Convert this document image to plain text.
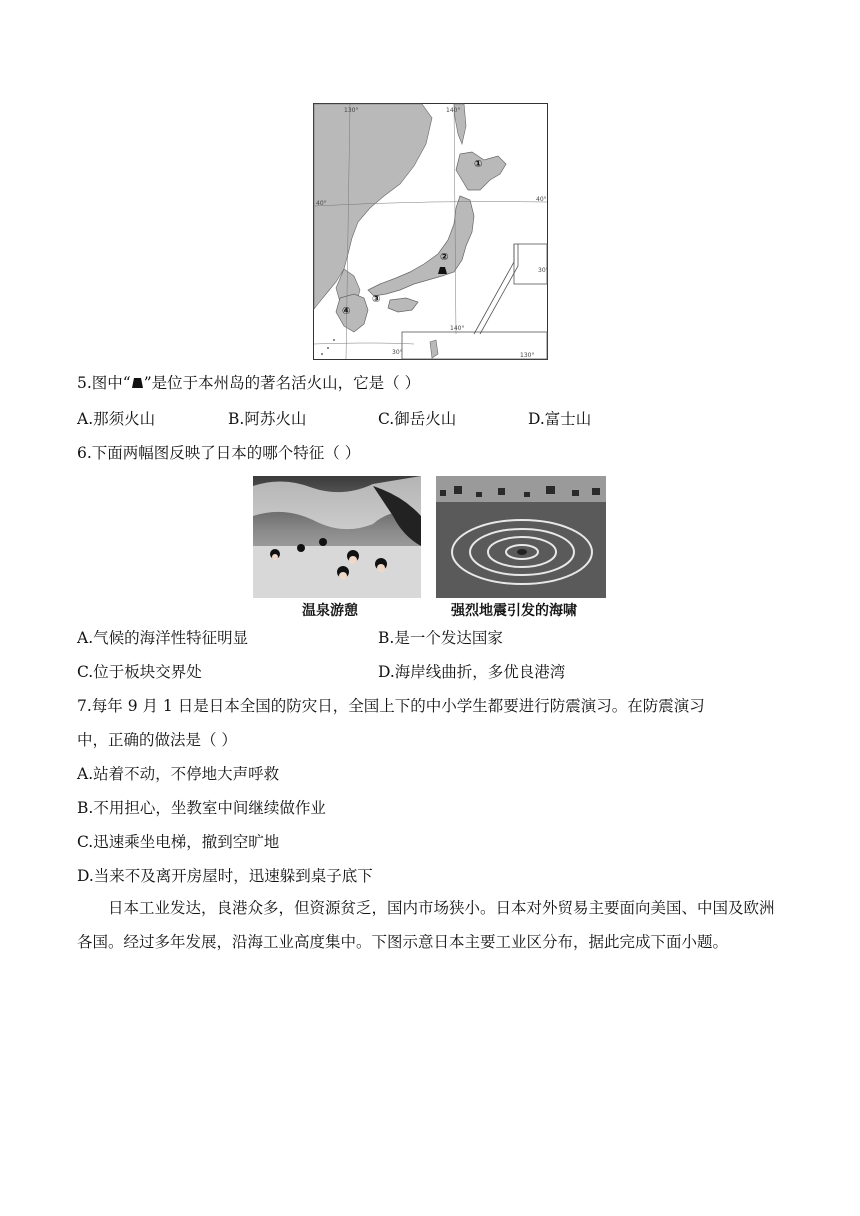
130°	140°
140°
130°
40°
40°
30°
30°
①
②
③
④
5.图中“ ”是位于本州岛的著名活火山，它是（ ）
A.那须火山	B.阿苏火山	C.御岳火山	D.富士山
6.下面两幅图反映了日本的哪个特征（ ）
温泉游憩	强烈地震引发的海啸
A.气候的海洋性特征明显	B.是一个发达国家
C.位于板块交界处	D.海岸线曲折，多优良港湾
7.每年 9 月 1 日是日本全国的防灾日，全国上下的中小学生都要进行防震演习。在防震演习
中，正确的做法是（ ）
A.站着不动，不停地大声呼救
B.不用担心，坐教室中间继续做作业
C.迅速乘坐电梯，撤到空旷地
D.当来不及离开房屋时，迅速躲到桌子底下
日本工业发达，良港众多，但资源贫乏，国内市场狭小。日本对外贸易主要面向美国、中国及欧洲各国。经过多年发展，沿海工业高度集中。下图示意日本主要工业区分布，据此完成下面小题。
